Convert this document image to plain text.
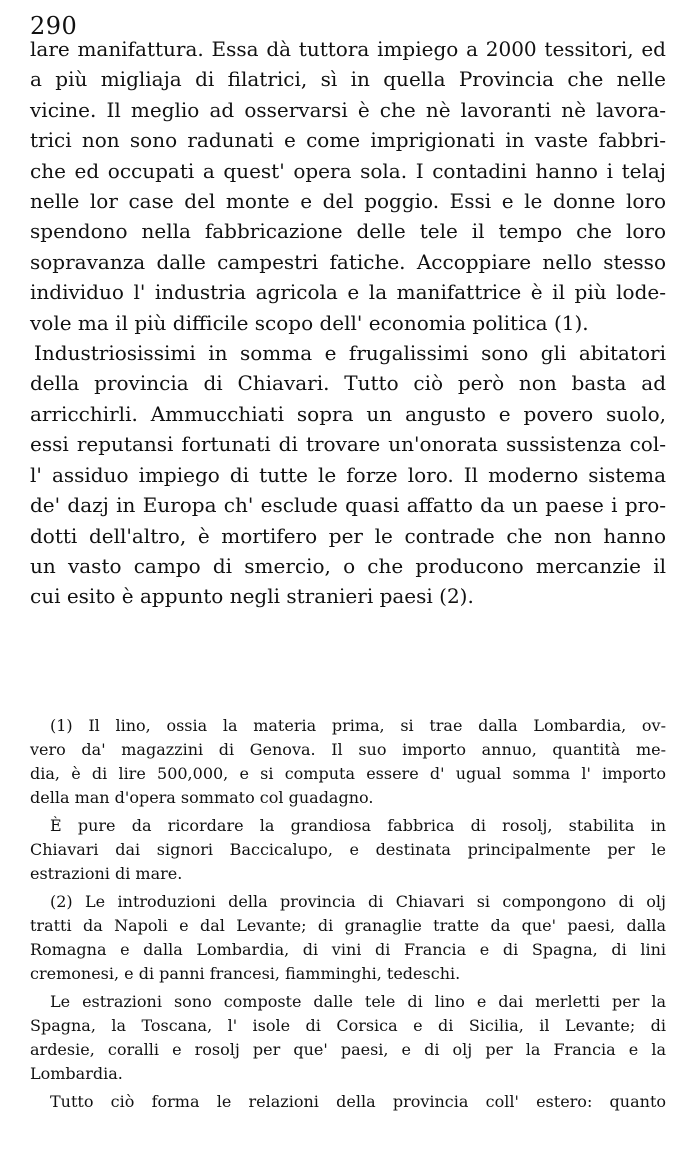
290
lare manifattura. Essa dà tuttora impiego a 2000 tessitori, ed
a più migliaja di filatrici, sì in quella Provincia che nelle
vicine. Il meglio ad osservarsi è che nè lavoranti nè lavora-
trici non sono radunati e come imprigionati in vaste fabbri-
che ed occupati a quest' opera sola. I contadini hanno i telaj
nelle lor case del monte e del poggio. Essi e le donne loro
spendono nella fabbricazione delle tele il tempo che loro
sopravanza dalle campestri fatiche. Accoppiare nello stesso
individuo l' industria agricola e la manifattrice è il più lode-
vole ma il più difficile scopo dell' economia politica (1).
Industriosissimi in somma e frugalissimi sono gli abitatori
della provincia di Chiavari. Tutto ciò però non basta ad
arricchirli. Ammucchiati sopra un angusto e povero suolo,
essi reputansi fortunati di trovare un'onorata sussistenza col-
l' assiduo impiego di tutte le forze loro. Il moderno sistema
de' dazj in Europa ch' esclude quasi affatto da un paese i pro-
dotti dell'altro, è mortifero per le contrade che non hanno
un vasto campo di smercio, o che producono mercanzie il
cui esito è appunto negli stranieri paesi (2).
(1) Il lino, ossia la materia prima, si trae dalla Lombardia, ov-
vero da' magazzini di Genova. Il suo importo annuo, quantità me-
dia, è di lire 500,000, e si computa essere d' ugual somma l' importo
della man d'opera sommato col guadagno.
È pure da ricordare la grandiosa fabbrica di rosolj, stabilita in
Chiavari dai signori Baccicalupo, e destinata principalmente per le
estrazioni di mare.
(2) Le introduzioni della provincia di Chiavari si compongono di olj
tratti da Napoli e dal Levante; di granaglie tratte da que' paesi, dalla
Romagna e dalla Lombardia, di vini di Francia e di Spagna, di lini
cremonesi, e di panni francesi, fiamminghi, tedeschi.
Le estrazioni sono composte dalle tele di lino e dai merletti per la
Spagna, la Toscana, l' isole di Corsica e di Sicilia, il Levante; di
ardesie, coralli e rosolj per que' paesi, e di olj per la Francia e la
Lombardia.
Tutto ciò forma le relazioni della provincia coll' estero: quanto
